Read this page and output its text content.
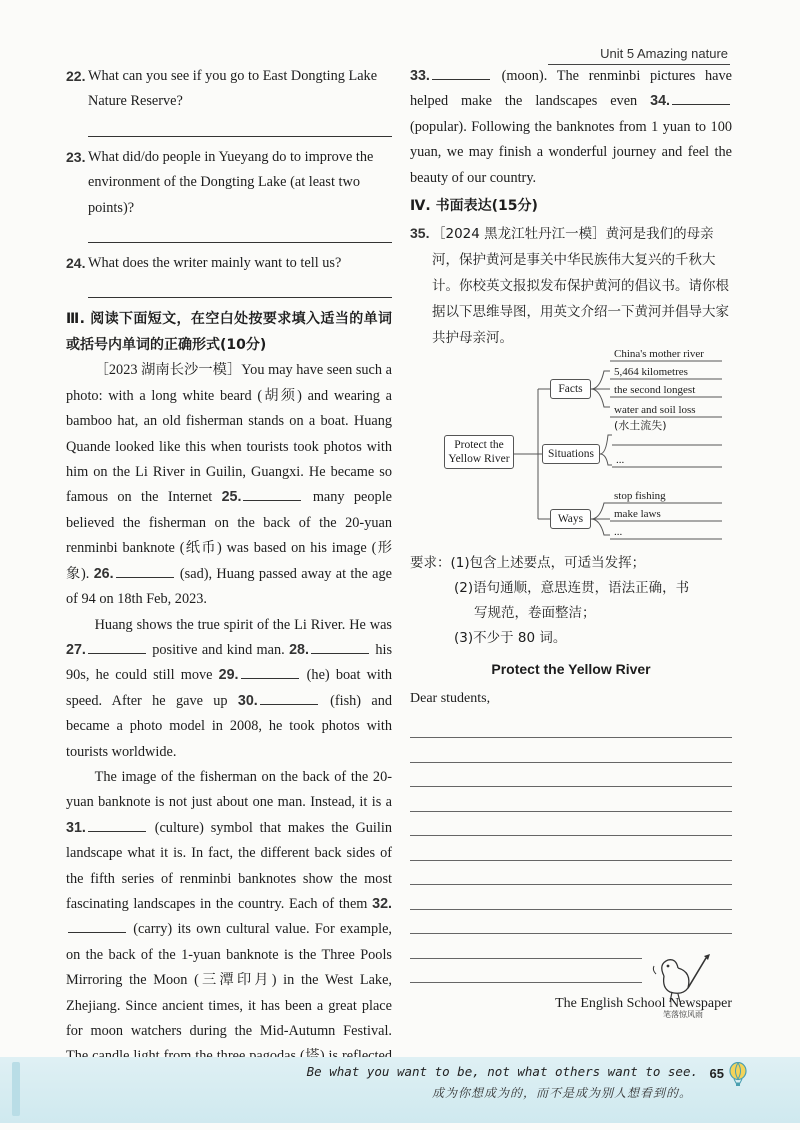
Unit 5 Amazing nature
22. What can you see if you go to East Dongting Lake Nature Reserve?
23. What did/do people in Yueyang do to improve the environment of the Dongting Lake (at least two points)?
24. What does the writer mainly want to tell us?
Ⅲ. 阅读下面短文，在空白处按要求填入适当的单词或括号内单词的正确形式(10分)

［2023 湖南长沙一模］You may have seen such a photo: with a long white beard (胡须) and wearing a bamboo hat, an old fisherman stands on a boat. Huang Quande looked like this when tourists took photos with him on the Li River in Guilin, Guangxi. He became so famous on the Internet 25.	many people believed the fisherman on the back of the 20-yuan renminbi banknote (纸币) was based on his image (形象). 26.	(sad), Huang passed away at the age of 94 on 18th Feb, 2023.

Huang shows the true spirit of the Li River. He was 27.	positive and kind man. 28.	his 90s, he could still move 29.	(he) boat with speed. After he gave up 30.	(fish) and became a photo model in 2008, he took photos with tourists worldwide.

The image of the fisherman on the back of the 20-yuan banknote is not just about one man. Instead, it is a 31.	(culture) symbol that makes the Guilin landscape what it is. In fact, the different back sides of the fifth series of renminbi banknotes show the most fascinating landscapes in the country. Each of them 32. (carry) its own cultural value. For example, on the back of the 1-yuan banknote is the Three Pools Mirroring the Moon (三潭印月) in the West Lake, Zhejiang. Since ancient times, it has been a great place for moon watchers during the Mid-Autumn Festival.

33.	(moon). The renminbi pictures have helped make the landscapes even 34. (popular). Following the banknotes from 1 yuan to 100 yuan, we may finish a wonderful journey and feel the beauty of our country.

Ⅳ. 书面表达(15分)
35. ［2024 黑龙江牡丹江一模］黄河是我们的母亲河，保护黄河是事关中华民族伟大复兴的千秋大计。你校英文报拟发布保护黄河的倡议书。请你根据以下思维导图，用英文介绍一下黄河并倡导大家共护母亲河。
Protect the Yellow River
Facts
Situations
Ways
China's mother river
5,464 kilometres
the second longest
water and soil loss
(水土流失)
...
stop fishing
make laws
...
要求：(1)包含上述要点，可适当发挥；
(2)语句通顺，意思连贯，语法正确，书
写规范，卷面整洁；
(3)不少于 80 词。
Protect the Yellow River
Dear students,
The English School Newspaper
笔落惊风雨
Be what you want to be, not what others want to see.
成为你想成为的，而不是成为别人想看到的。
65
